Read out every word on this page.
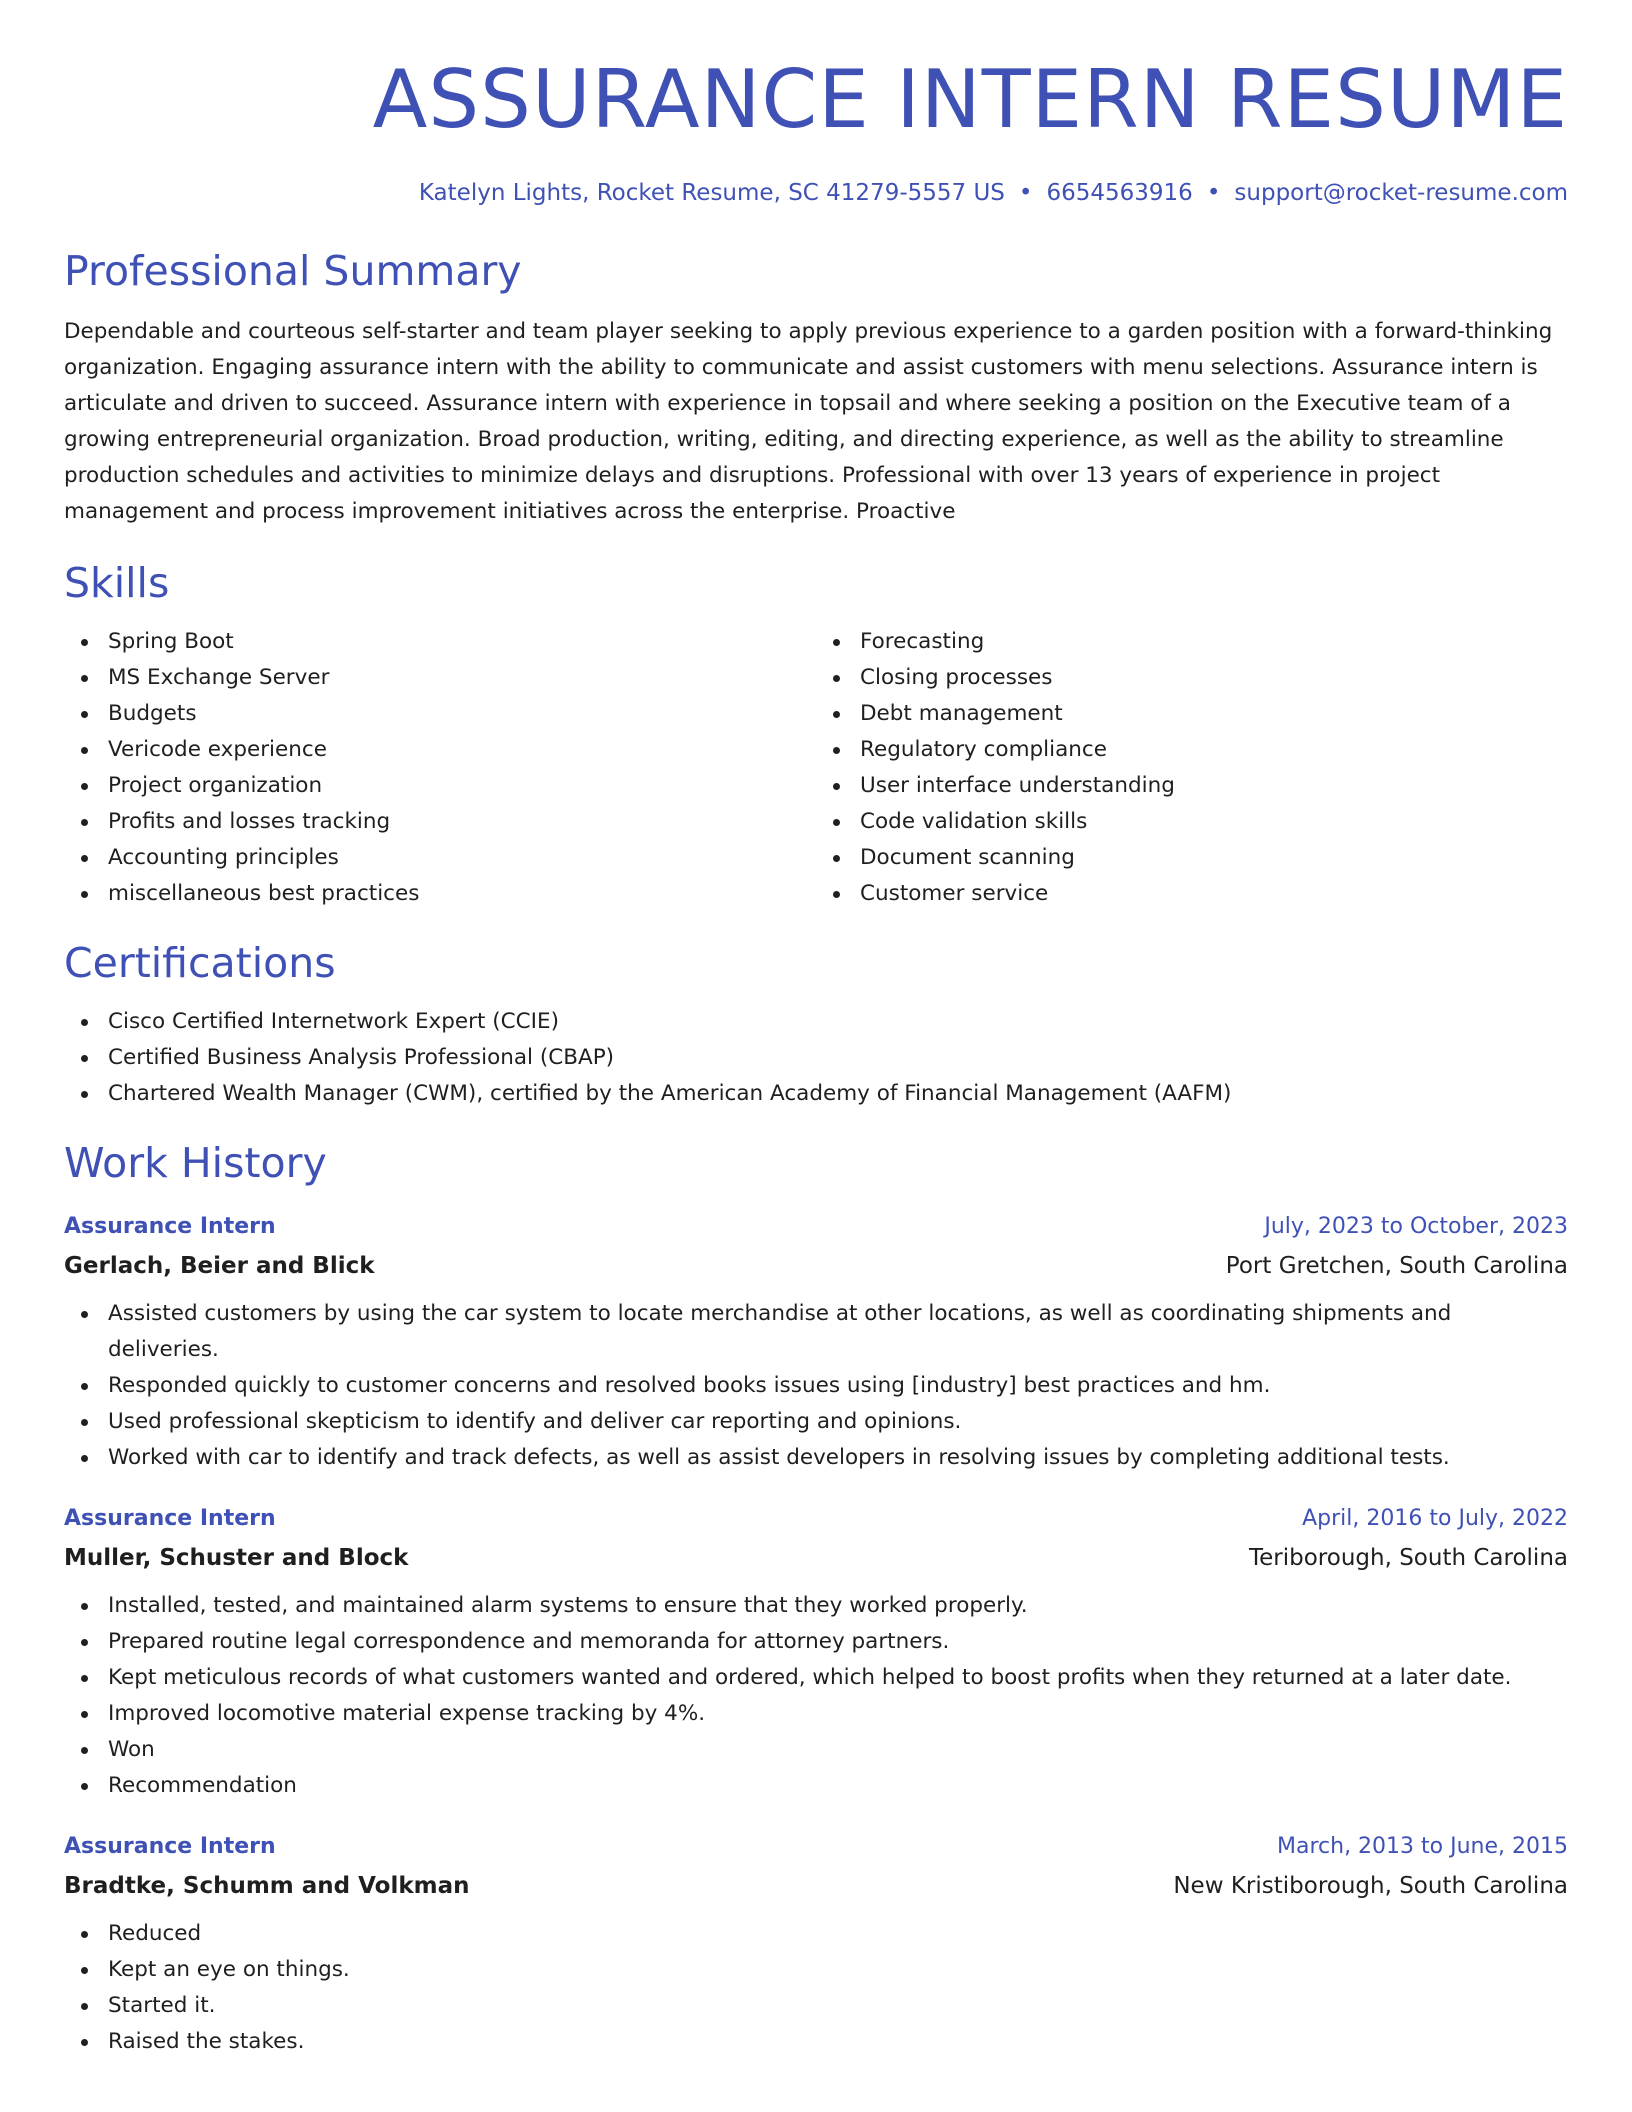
ASSURANCE INTERN RESUME
Katelyn Lights, Rocket Resume, SC 41279-5557 US • 6654563916 • support@rocket-resume.com
Professional Summary

Dependable and courteous self-starter and team player seeking to apply previous experience to a garden position with a forward-thinking organization. Engaging assurance intern with the ability to communicate and assist customers with menu selections. Assurance intern is articulate and driven to succeed. Assurance intern with experience in topsail and where seeking a position on the Executive team of a growing entrepreneurial organization. Broad production, writing, editing, and directing experience, as well as the ability to streamline production schedules and activities to minimize delays and disruptions. Professional with over 13 years of experience in project management and process improvement initiatives across the enterprise. Proactive

Skills
Spring Boot
MS Exchange Server
Budgets
Vericode experience
Project organization
Profits and losses tracking
Accounting principles
miscellaneous best practices
Forecasting
Closing processes
Debt management
Regulatory compliance
User interface understanding
Code validation skills
Document scanning
Customer service
Certifications
Cisco Certified Internetwork Expert (CCIE)
Certified Business Analysis Professional (CBAP)
Chartered Wealth Manager (CWM), certified by the American Academy of Financial Management (AAFM)
Work History
Assurance Intern	July, 2023 to October, 2023
Gerlach, Beier and Blick	Port Gretchen, South Carolina
Assisted customers by using the car system to locate merchandise at other locations, as well as coordinating shipments and deliveries.
Responded quickly to customer concerns and resolved books issues using [industry] best practices and hm.
Used professional skepticism to identify and deliver car reporting and opinions.
Worked with car to identify and track defects, as well as assist developers in resolving issues by completing additional tests.
Assurance Intern	April, 2016 to July, 2022
Muller, Schuster and Block	Teriborough, South Carolina
Installed, tested, and maintained alarm systems to ensure that they worked properly.
Prepared routine legal correspondence and memoranda for attorney partners.
Kept meticulous records of what customers wanted and ordered, which helped to boost profits when they returned at a later date.
Improved locomotive material expense tracking by 4%.
Won
Recommendation
Assurance Intern	March, 2013 to June, 2015
Bradtke, Schumm and Volkman	New Kristiborough, South Carolina
Reduced
Kept an eye on things.
Started it.
Raised the stakes.
